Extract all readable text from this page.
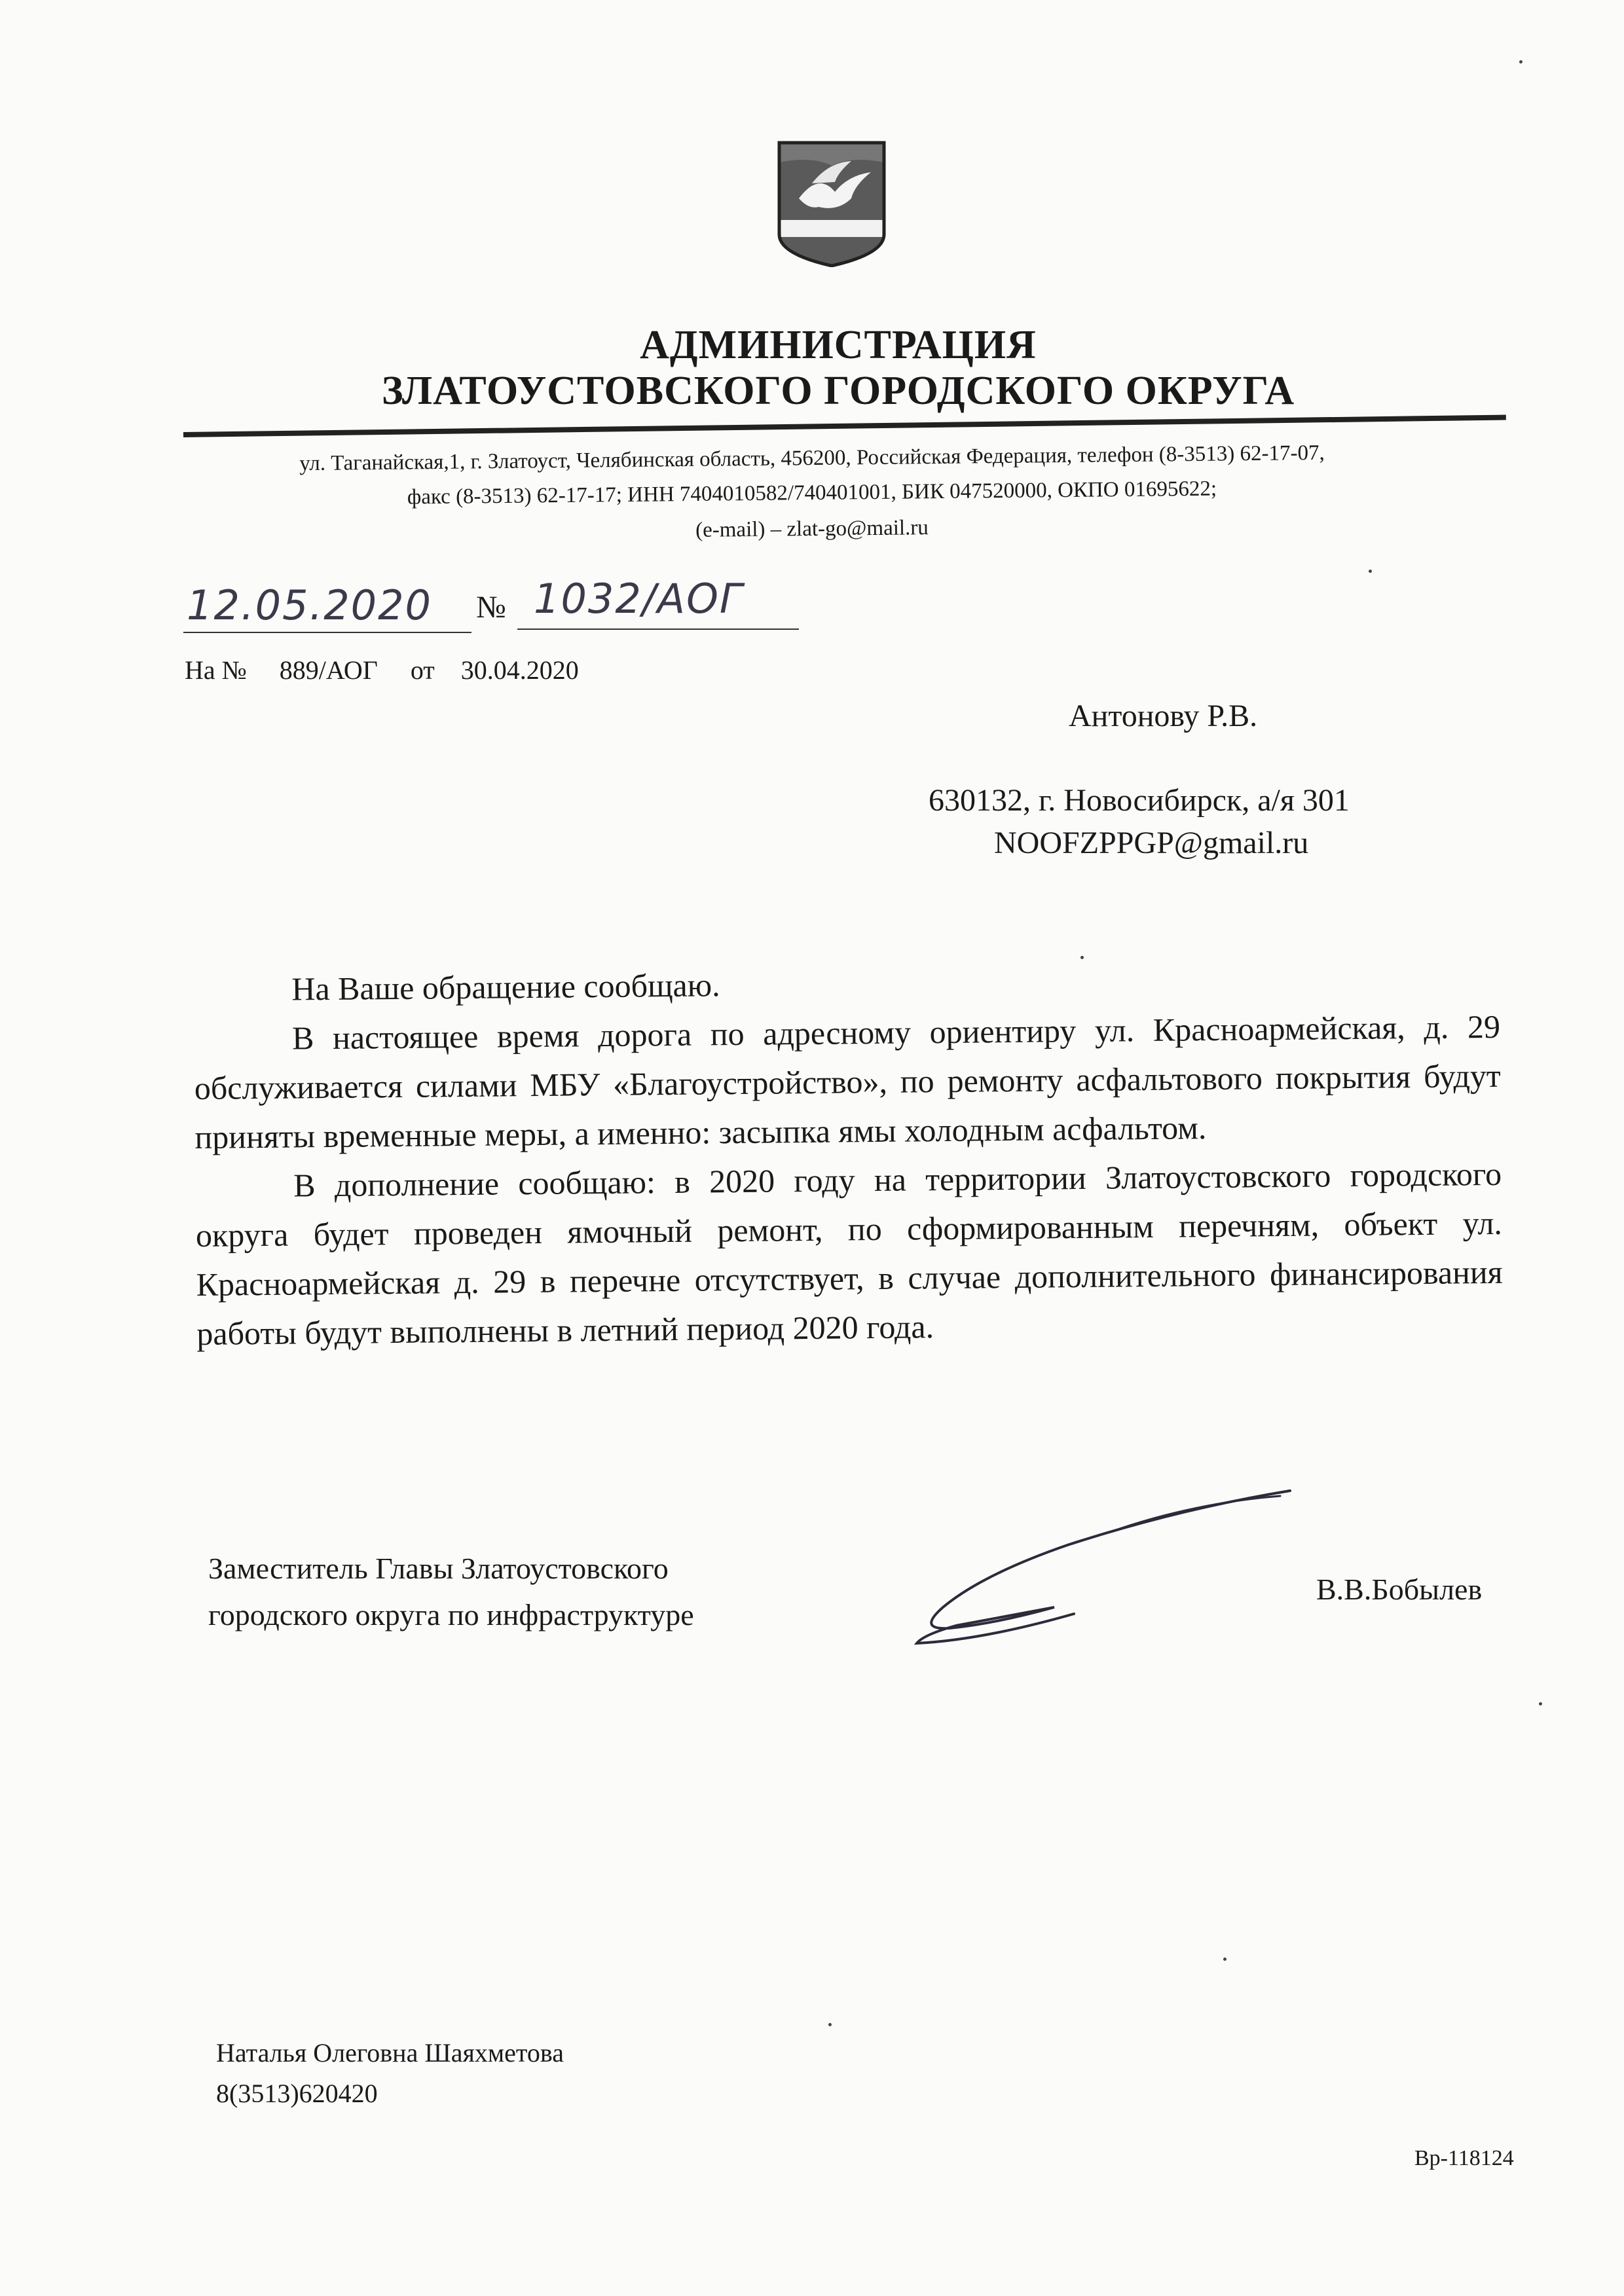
АДМИНИСТРАЦИЯ
ЗЛАТОУСТОВСКОГО ГОРОДСКОГО ОКРУГА
ул. Таганайская,1, г. Златоуст, Челябинская область, 456200, Российская Федерация, телефон (8-3513) 62-17-07,
факс (8-3513) 62-17-17; ИНН 7404010582/740401001, БИК 047520000, ОКПО 01695622;
(e-mail) – zlat-go@mail.ru
12.05.2020 № 1032/АОГ
На №     889/АОГ     от    30.04.2020
Антонову Р.В.
630132, г. Новосибирск, а/я 301
NOOFZPPGP@gmail.ru

На Ваше обращение сообщаю.

В настоящее время дорога по адресному ориентиру ул. Красноармейская, д. 29 обслуживается силами МБУ «Благоустройство», по ремонту асфальтового покрытия будут приняты временные меры, а именно: засыпка ямы холодным асфальтом.

В дополнение сообщаю: в 2020 году на территории Златоустовского городского округа будет проведен ямочный ремонт, по сформированным перечням, объект ул. Красноармейская д. 29 в перечне отсутствует, в случае дополнительного финансирования работы будут выполнены в летний период 2020 года.

Заместитель Главы Златоустовского
городского округа по инфраструктуре
В.В.Бобылев
Наталья Олеговна Шаяхметова
8(3513)620420
Вр-118124
